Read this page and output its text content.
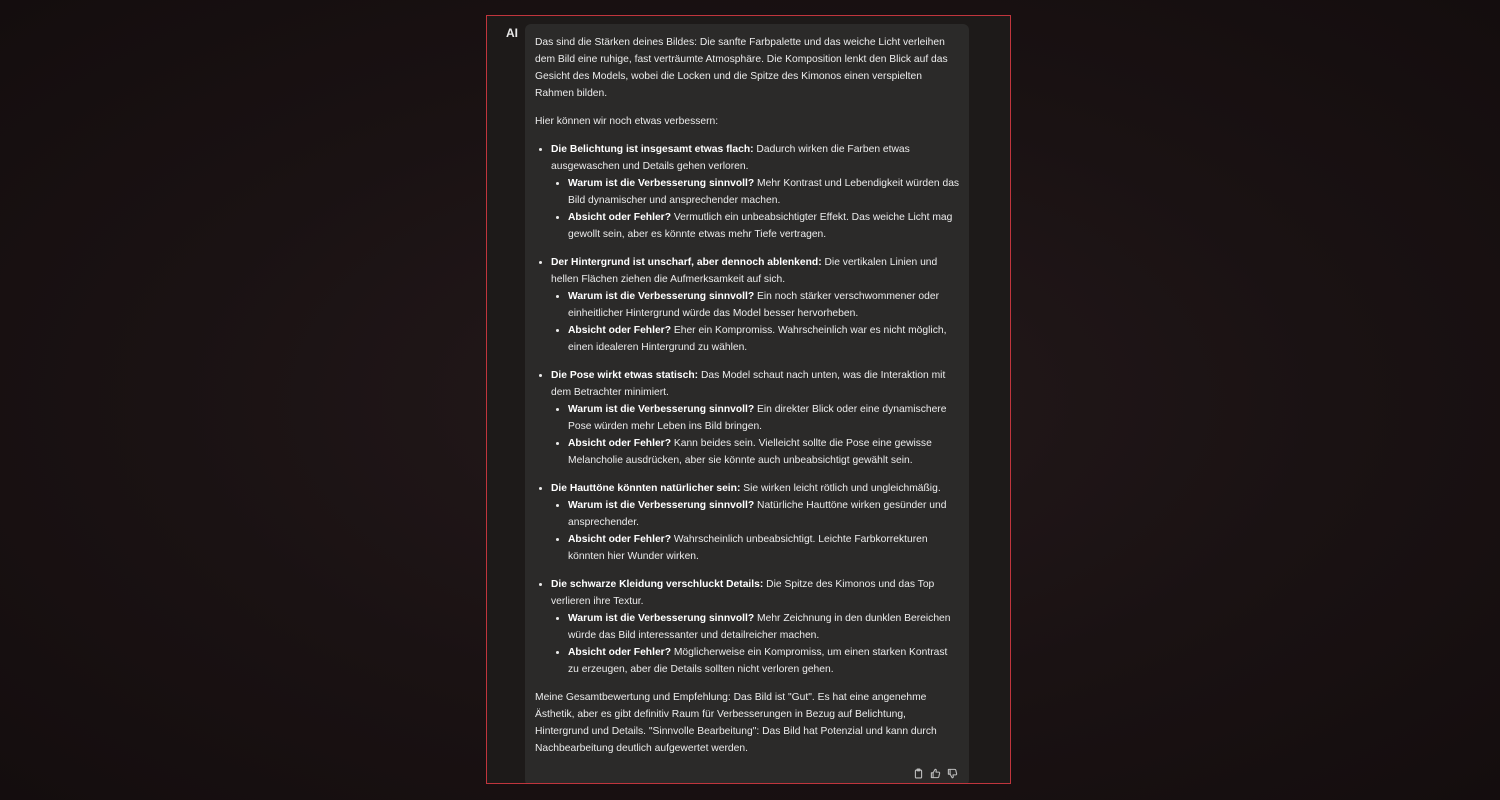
AI

Das sind die Stärken deines Bildes: Die sanfte Farbpalette und das weiche Licht verleihen dem Bild eine ruhige, fast verträumte Atmosphäre. Die Komposition lenkt den Blick auf das Gesicht des Models, wobei die Locken und die Spitze des Kimonos einen verspielten Rahmen bilden.

Hier können wir noch etwas verbessern:

• Die Belichtung ist insgesamt etwas flach: Dadurch wirken die Farben etwas ausgewaschen und Details gehen verloren.
• Warum ist die Verbesserung sinnvoll? Mehr Kontrast und Lebendigkeit würden das Bild dynamischer und ansprechender machen.
• Absicht oder Fehler? Vermutlich ein unbeabsichtigter Effekt. Das weiche Licht mag gewollt sein, aber es könnte etwas mehr Tiefe vertragen.
• Der Hintergrund ist unscharf, aber dennoch ablenkend: Die vertikalen Linien und hellen Flächen ziehen die Aufmerksamkeit auf sich.
• Warum ist die Verbesserung sinnvoll? Ein noch stärker verschwommener oder einheitlicher Hintergrund würde das Model besser hervorheben.
• Absicht oder Fehler? Eher ein Kompromiss. Wahrscheinlich war es nicht möglich, einen idealeren Hintergrund zu wählen.
• Die Pose wirkt etwas statisch: Das Model schaut nach unten, was die Interaktion mit dem Betrachter minimiert.
• Warum ist die Verbesserung sinnvoll? Ein direkter Blick oder eine dynamischere Pose würden mehr Leben ins Bild bringen.
• Absicht oder Fehler? Kann beides sein. Vielleicht sollte die Pose eine gewisse Melancholie ausdrücken, aber sie könnte auch unbeabsichtigt gewählt sein.
• Die Hauttöne könnten natürlicher sein: Sie wirken leicht rötlich und ungleichmäßig.
• Warum ist die Verbesserung sinnvoll? Natürliche Hauttöne wirken gesünder und ansprechender.
• Absicht oder Fehler? Wahrscheinlich unbeabsichtigt. Leichte Farbkorrekturen könnten hier Wunder wirken.
• Die schwarze Kleidung verschluckt Details: Die Spitze des Kimonos und das Top verlieren ihre Textur.
• Warum ist die Verbesserung sinnvoll? Mehr Zeichnung in den dunklen Bereichen würde das Bild interessanter und detailreicher machen.
• Absicht oder Fehler? Möglicherweise ein Kompromiss, um einen starken Kontrast zu erzeugen, aber die Details sollten nicht verloren gehen.

Meine Gesamtbewertung und Empfehlung: Das Bild ist "Gut". Es hat eine angenehme Ästhetik, aber es gibt definitiv Raum für Verbesserungen in Bezug auf Belichtung, Hintergrund und Details. "Sinnvolle Bearbeitung": Das Bild hat Potenzial und kann durch Nachbearbeitung deutlich aufgewertet werden.
